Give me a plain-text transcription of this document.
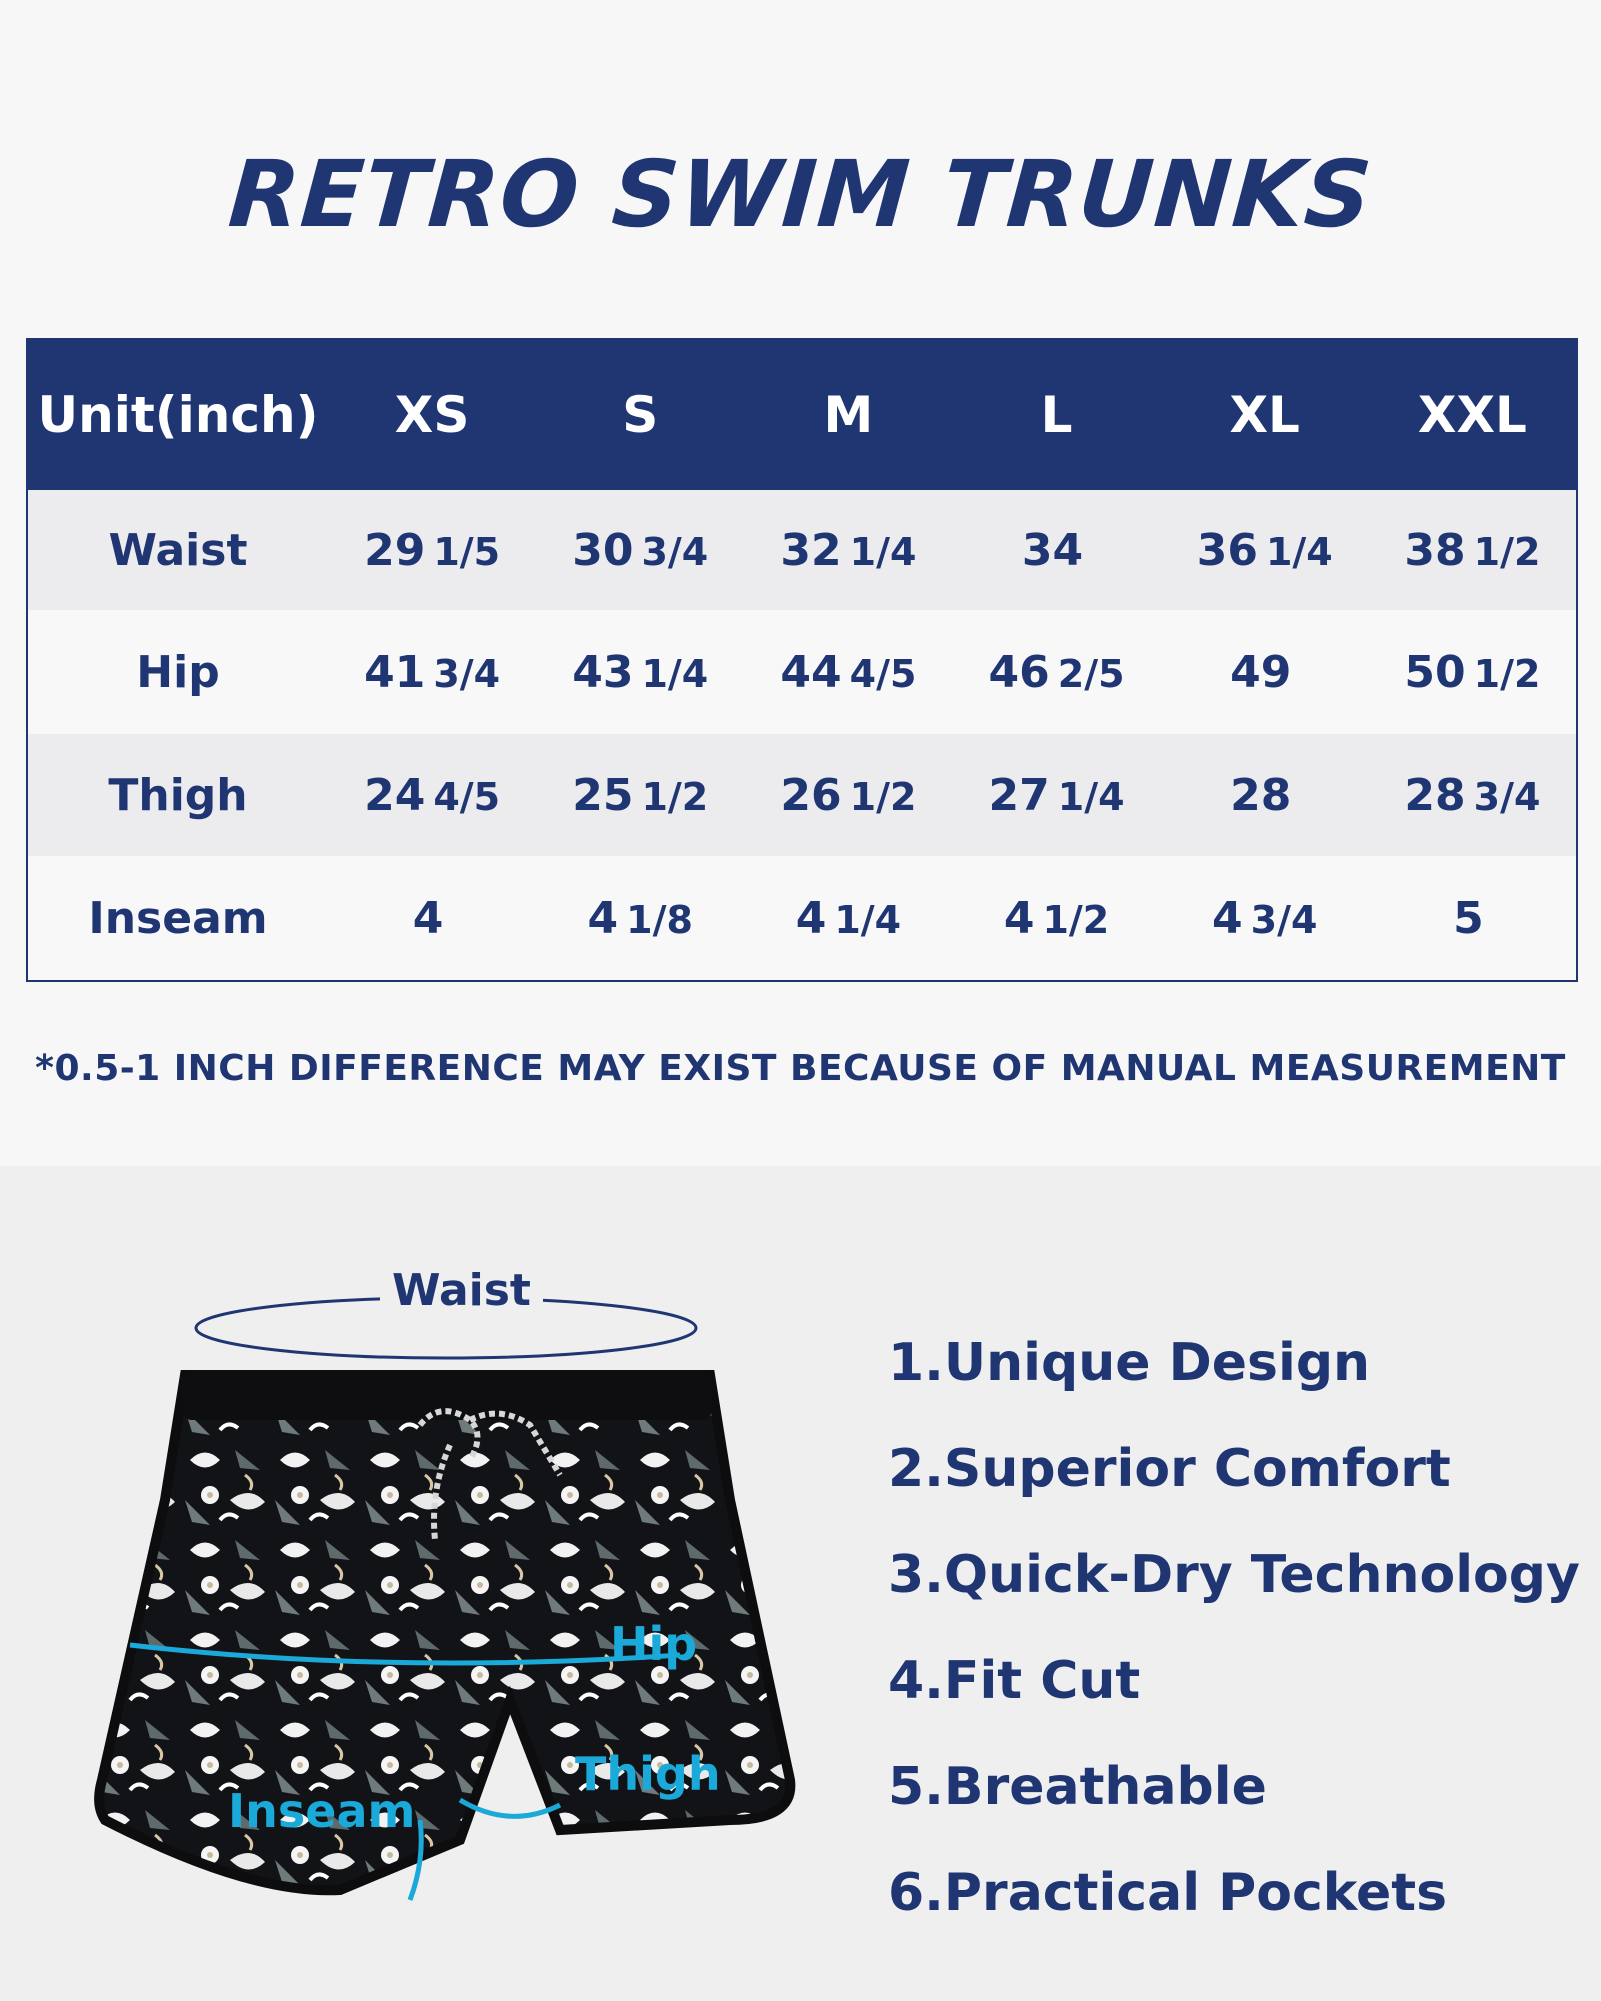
RETRO SWIM TRUNKS
Unit(inch)	XS	S	M	L	XL	XXL
Waist	29 1/5	30 3/4	32 1/4	34	36 1/4	38 1/2
Hip	41 3/4	43 1/4	44 4/5	46 2/5	49	50 1/2
Thigh	24 4/5	25 1/2	26 1/2	27 1/4	28	28 3/4
Inseam	4	4 1/8	4 1/4	4 1/2	4 3/4	5
*0.5-1 INCH DIFFERENCE MAY EXIST BECAUSE OF MANUAL MEASUREMENT
Hip
Thigh
Inseam
Waist
1.Unique Design
2.Superior Comfort
3.Quick-Dry Technology
4.Fit Cut
5.Breathable
6.Practical Pockets
